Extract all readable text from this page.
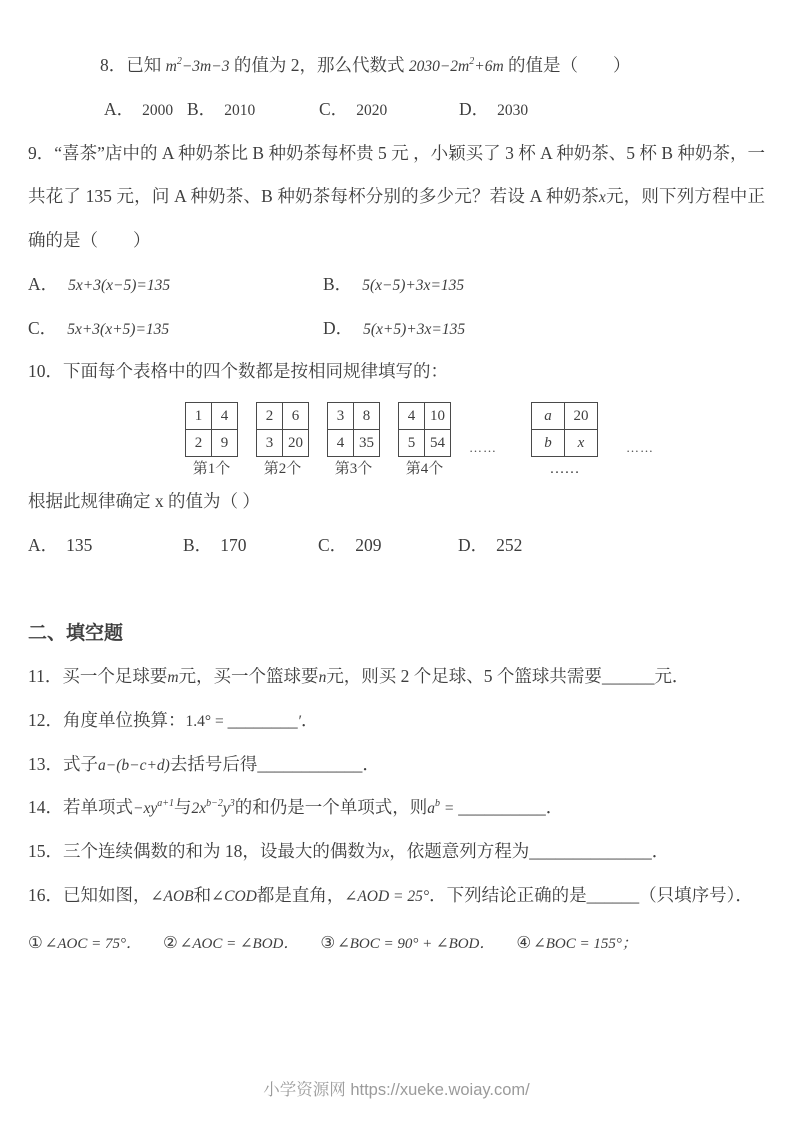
8．已知 $m^2-3m-3$ 的值为 2，那么代数式 $2030-2m^2+6m$ 的值是（　　）

A． 2000 B． 2010	C． 2020	D． 2030

9．“喜茶”店中的 A 种奶茶比 B 种奶茶每杯贵 5 元 ，小颖买了 3 杯 A 种奶茶、5 杯 B 种奶茶，一共花了 135 元，问 A 种奶茶、B 种奶茶每杯分别的多少元？若设 A 种奶茶x元，则下列方程中正确的是（　　）

A． 5x+3(x−5)=135	B． 5(x−5)+3x=135
C． 5x+3(x+5)=135	D． 5(x+5)+3x=135

10．下面每个表格中的四个数都是按相同规律填写的：

1	4
2	9
第1个
2	6
3	20
第2个
3	8
4	35
第3个
4	10
5	54
第4个
……
a	20
b	x
……
……

根据此规律确定 x 的值为（ ）

A． 135	B． 170	C． 209	D． 252
二、填空题

11．买一个足球要m元，买一个篮球要n元，则买 2 个足球、5 个篮球共需要______元．

12．角度单位换算：1.4° = ________′．

13．式子a−(b−c+d)去括号后得____________．

14．若单项式$-xy^{a+1}$与$2x^{b-2}y^3$的和仍是一个单项式，则$a^b$ = __________．

15．三个连续偶数的和为 18，设最大的偶数为x，依题意列方程为______________．

16．已知如图，∠AOB和∠COD都是直角，∠AOD = 25°．下列结论正确的是______（只填序号）．

① ∠AOC = 75°． ② ∠AOC = ∠BOD． ③ ∠BOC = 90° + ∠BOD． ④ ∠BOC = 155°；
小学资源网 https://xueke.woiay.com/
